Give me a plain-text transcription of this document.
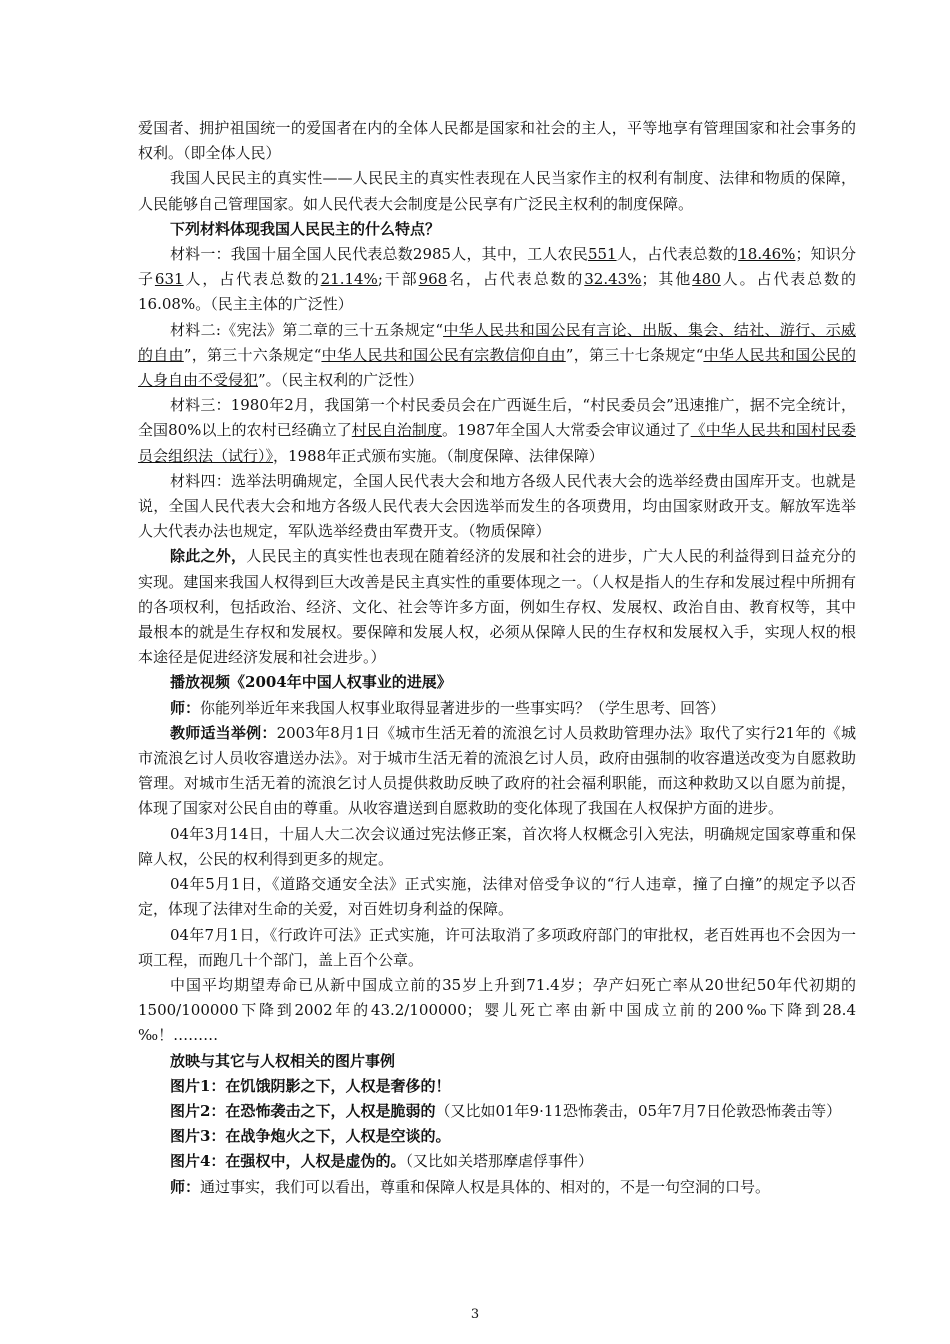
爱国者、拥护祖国统一的爱国者在内的全体人民都是国家和社会的主人，平等地享有管理国家和社会事务的权利。（即全体人民）

我国人民民主的真实性——人民民主的真实性表现在人民当家作主的权利有制度、法律和物质的保障，人民能够自己管理国家。如人民代表大会制度是公民享有广泛民主权利的制度保障。

下列材料体现我国人民民主的什么特点？

材料一：我国十届全国人民代表总数2985人，其中，工人农民551人，占代表总数的18.46%；知识分子631人，占代表总数的21.14%;干部968名，占代表总数的32.43%；其他480人。占代表总数的16.08%。（民主主体的广泛性）

材料二:《宪法》第二章的三十五条规定“中华人民共和国公民有言论、出版、集会、结社、游行、示威的自由”，第三十六条规定“中华人民共和国公民有宗教信仰自由”，第三十七条规定“中华人民共和国公民的人身自由不受侵犯”。（民主权利的广泛性）

材料三：1980年2月，我国第一个村民委员会在广西诞生后，“村民委员会”迅速推广，据不完全统计，全国80%以上的农村已经确立了村民自治制度。1987年全国人大常委会审议通过了《中华人民共和国村民委员会组织法（试行）》，1988年正式颁布实施。（制度保障、法律保障）

材料四：选举法明确规定，全国人民代表大会和地方各级人民代表大会的选举经费由国库开支。也就是说，全国人民代表大会和地方各级人民代表大会因选举而发生的各项费用，均由国家财政开支。解放军选举人大代表办法也规定，军队选举经费由军费开支。（物质保障）

除此之外，人民民主的真实性也表现在随着经济的发展和社会的进步，广大人民的利益得到日益充分的实现。建国来我国人权得到巨大改善是民主真实性的重要体现之一。（人权是指人的生存和发展过程中所拥有的各项权利，包括政治、经济、文化、社会等许多方面，例如生存权、发展权、政治自由、教育权等，其中最根本的就是生存权和发展权。要保障和发展人权，必须从保障人民的生存权和发展权入手，实现人权的根本途径是促进经济发展和社会进步。）

播放视频《2004年中国人权事业的进展》

师：你能列举近年来我国人权事业取得显著进步的一些事实吗？（学生思考、回答）

教师适当举例：2003年8月1日《城市生活无着的流浪乞讨人员救助管理办法》取代了实行21年的《城市流浪乞讨人员收容遣送办法》。对于城市生活无着的流浪乞讨人员，政府由强制的收容遣送改变为自愿救助管理。对城市生活无着的流浪乞讨人员提供救助反映了政府的社会福利职能，而这种救助又以自愿为前提，体现了国家对公民自由的尊重。从收容遣送到自愿救助的变化体现了我国在人权保护方面的进步。

04年3月14日，十届人大二次会议通过宪法修正案，首次将人权概念引入宪法，明确规定国家尊重和保障人权，公民的权利得到更多的规定。

04年5月1日，《道路交通安全法》正式实施，法律对倍受争议的“行人违章，撞了白撞”的规定予以否定，体现了法律对生命的关爱，对百姓切身利益的保障。

04年7月1日，《行政许可法》正式实施，许可法取消了多项政府部门的审批权，老百姓再也不会因为一项工程，而跑几十个部门，盖上百个公章。

中国平均期望寿命已从新中国成立前的35岁上升到71.4岁；孕产妇死亡率从20世纪50年代初期的1500/100000下降到2002年的43.2/100000；婴儿死亡率由新中国成立前的200‰下降到28.4 ‰！………

放映与其它与人权相关的图片事例

图片1：在饥饿阴影之下，人权是奢侈的！

图片2：在恐怖袭击之下，人权是脆弱的（又比如01年9·11恐怖袭击，05年7月7日伦敦恐怖袭击等）

图片3：在战争炮火之下，人权是空谈的。

图片4：在强权中，人权是虚伪的。（又比如关塔那摩虐俘事件）

师：通过事实，我们可以看出，尊重和保障人权是具体的、相对的，不是一句空洞的口号。

3
